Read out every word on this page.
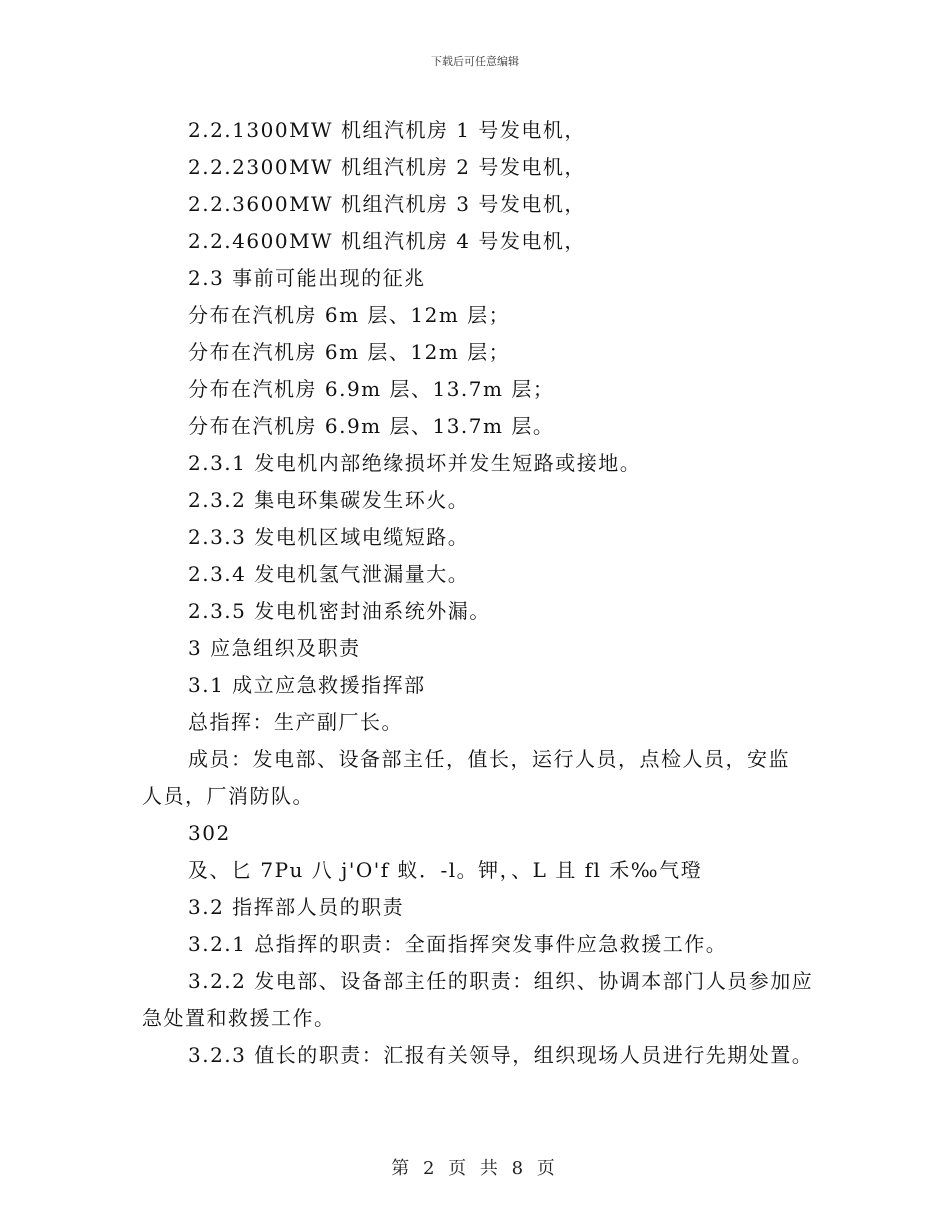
下载后可任意编辑
2.2.1300MW 机组汽机房 1 号发电机，
2.2.2300MW 机组汽机房 2 号发电机，
2.2.3600MW 机组汽机房 3 号发电机，
2.2.4600MW 机组汽机房 4 号发电机，
2.3 事前可能出现的征兆
分布在汽机房 6m 层、12m 层；
分布在汽机房 6m 层、12m 层；
分布在汽机房 6.9m 层、13.7m 层；
分布在汽机房 6.9m 层、13.7m 层。
2.3.1 发电机内部绝缘损坏并发生短路或接地。
2.3.2 集电环集碳发生环火。
2.3.3 发电机区域电缆短路。
2.3.4 发电机氢气泄漏量大。
2.3.5 发电机密封油系统外漏。
3 应急组织及职责
3.1 成立应急救援指挥部
总指挥：生产副厂长。
成员：发电部、设备部主任，值长，运行人员，点检人员，安监
人员，厂消防队。
302
及、匕 7Pu 八 j'O'f 蚁．-l。钾，、L 且 fl 禾‰气璒
3.2 指挥部人员的职责
3.2.1 总指挥的职责：全面指挥突发事件应急救援工作。
3.2.2 发电部、设备部主任的职责：组织、协调本部门人员参加应
急处置和救援工作。
3.2.3 值长的职责：汇报有关领导，组织现场人员进行先期处置。
第 2 页 共 8 页
